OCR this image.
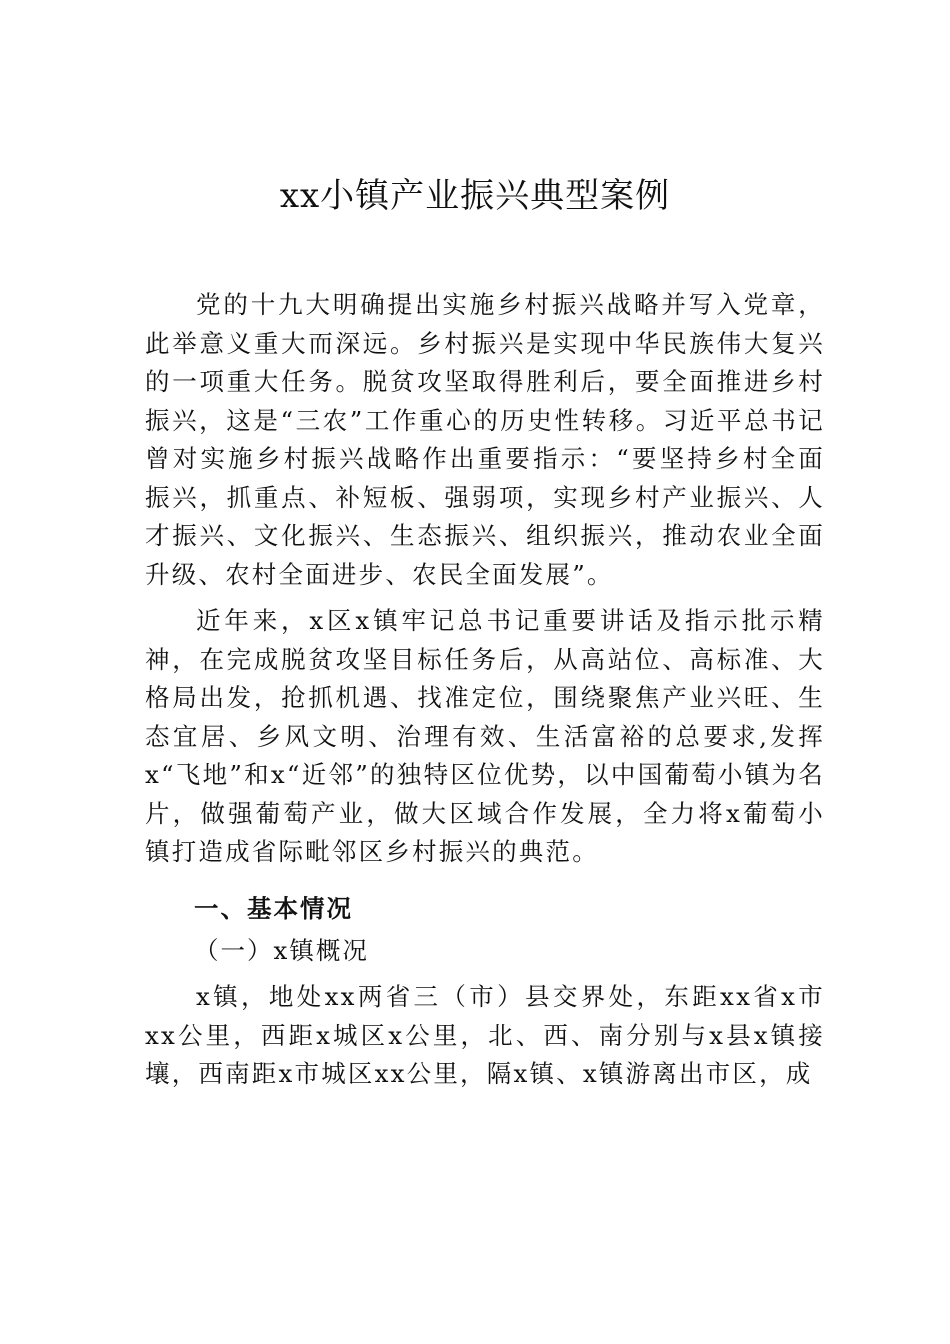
xx小镇产业振兴典型案例

党的十九大明确提出实施乡村振兴战略并写入党章，此举意义重大而深远。乡村振兴是实现中华民族伟大复兴的一项重大任务。脱贫攻坚取得胜利后，要全面推进乡村振兴，这是“三农”工作重心的历史性转移。习近平总书记曾对实施乡村振兴战略作出重要指示：“要坚持乡村全面振兴，抓重点、补短板、强弱项，实现乡村产业振兴、人才振兴、文化振兴、生态振兴、组织振兴，推动农业全面升级、农村全面进步、农民全面发展”。

近年来，x区x镇牢记总书记重要讲话及指示批示精神，在完成脱贫攻坚目标任务后，从高站位、高标准、大格局出发，抢抓机遇、找准定位，围绕聚焦产业兴旺、生态宜居、乡风文明、治理有效、生活富裕的总要求,发挥x“飞地”和x“近邻”的独特区位优势，以中国葡萄小镇为名片，做强葡萄产业，做大区域合作发展，全力将x葡萄小镇打造成省际毗邻区乡村振兴的典范。

一、基本情况

（一）x镇概况

x镇，地处xx两省三（市）县交界处，东距xx省x市xx公里，西距x城区x公里，北、西、南分别与x县x镇接壤，西南距x市城区xx公里，隔x镇、x镇游离出市区，成
